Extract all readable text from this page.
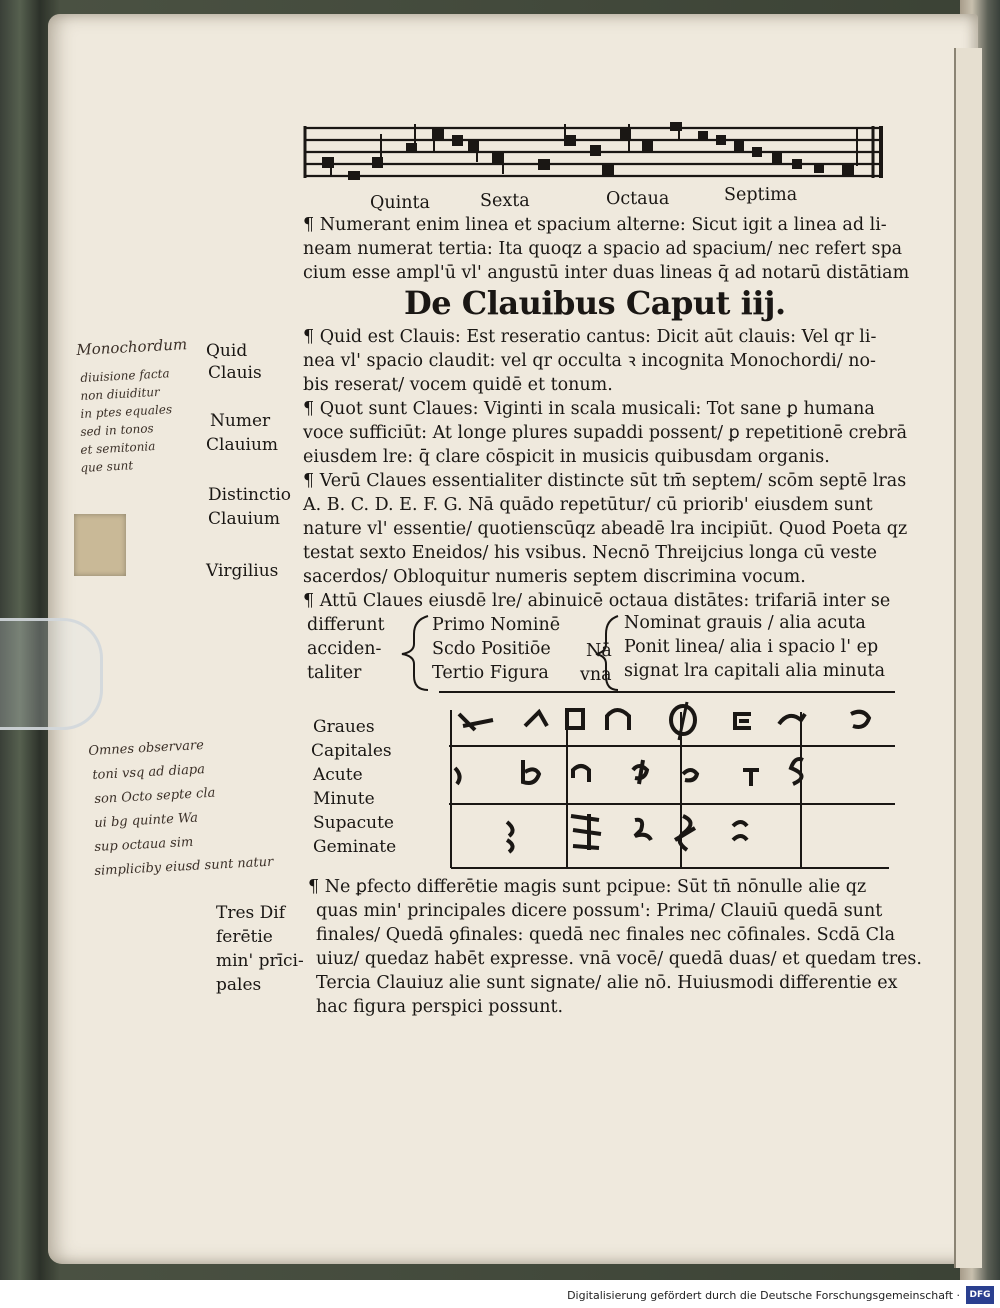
Quinta	Sexta	Octaua	Septima
¶ Numerant enim linea et spacium alterne: Sicut igit a linea ad li-
neam numerat tertia: Ita quoqz a spacio ad spacium/ nec refert spa
cium esse ampl'ū vl' angustū inter duas lineas q̄ ad notarū distātiam
De Clauibus Caput iij.
¶ Quid est Clauis: Est reseratio cantus: Dicit aūt clauis: Vel qr li-
nea vl' spacio claudit: vel qr occulta ꝛ incognita Monochordi/ no-
bis reserat/ vocem quidē et tonum.
¶ Quot sunt Claues: Viginti in scala musicali: Tot sane ꝑ humana
voce sufficiūt: At longe plures supaddi possent/ ꝑ repetitionē crebrā
eiusdem lre: q̄ clare cōspicit in musicis quibusdam organis.
¶ Verū Claues essentialiter distincte sūt tm̄ septem/ scōm septē lras
A. B. C. D. E. F. G. Nā quādo repetūtur/ cū priorib' eiusdem sunt
nature vl' essentie/ quotienscūqz abeadē lra incipiūt. Quod Poeta qz
testat sexto Eneidos/ his vsibus. Necnō Threijcius longa cū veste
sacerdos/ Obloquitur numeris septem discrimina vocum.
¶ Attū Claues eiusdē lre/ abinuicē octaua distātes: trifariā inter se
differunt
acciden-
taliter
Primo Nominē
Scdo Positiōe
Tertio Figura
Nā
vna
Nominat grauis / alia acuta
Ponit linea/ alia i spacio l' ep
signat lra capitali alia minuta
Graues
Capitales
Acute
Minute
Supacute
Geminate
¶ Ne ꝑfecto differētie magis sunt pcipue: Sūt tn̄ nōnulle alie qz
quas min' principales dicere possum': Prima/ Clauiū quedā sunt
finales/ Quedā ꝯfinales: quedā nec finales nec cōfinales. Scdā Cla
uiuz/ quedaz habēt expresse. vnā vocē/ quedā duas/ et quedam tres.
Tercia Clauiuz alie sunt signate/ alie nō. Huiusmodi differentie ex
hac figura perspici possunt.
Quid
Clauis
Numer
Clauium
Distinctio
Clauium
Virgilius
Tres Dif
ferētie
min' prīci-
pales
Monochordum
diuisione facta
non diuiditur
in ptes equales
sed in tonos
et semitonia
que sunt
Omnes observare
toni vsq ad diapa
son Octo septe cla
ui bg quinte Wa
sup octaua sim
simpliciby eiusd sunt natur
Digitalisierung gefördert durch die Deutsche Forschungsgemeinschaft ·	DFG
